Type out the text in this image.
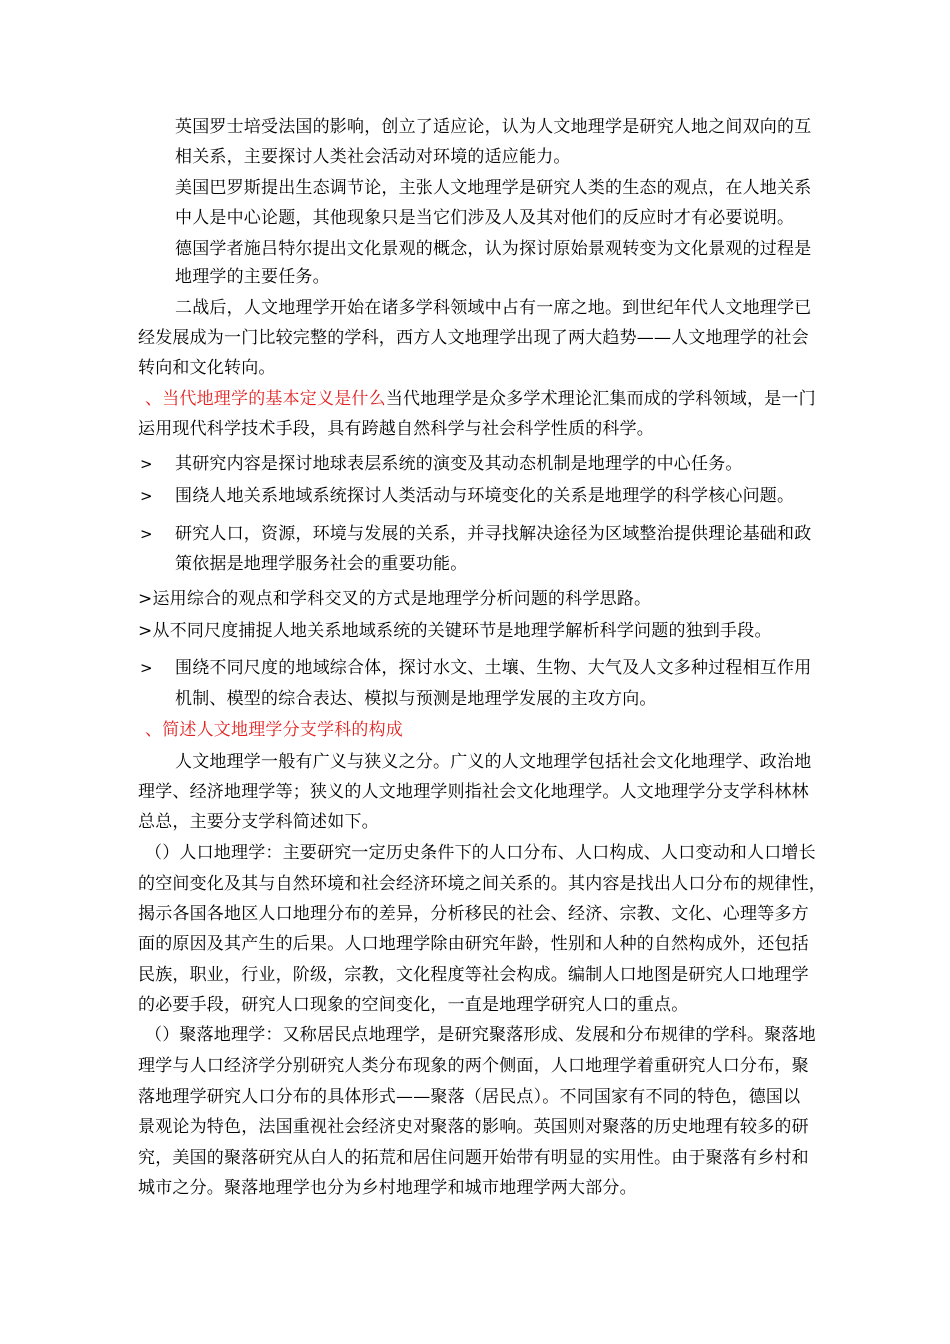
英国罗士培受法国的影响，创立了适应论，认为人文地理学是研究人地之间双向的互
相关系，主要探讨人类社会活动对环境的适应能力。
美国巴罗斯提出生态调节论，主张人文地理学是研究人类的生态的观点，在人地关系
中人是中心论题，其他现象只是当它们涉及人及其对他们的反应时才有必要说明。
德国学者施吕特尔提出文化景观的概念，认为探讨原始景观转变为文化景观的过程是
地理学的主要任务。
二战后，人文地理学开始在诸多学科领域中占有一席之地。到世纪年代人文地理学已
经发展成为一门比较完整的学科，西方人文地理学出现了两大趋势——人文地理学的社会
转向和文化转向。
、当代地理学的基本定义是什么当代地理学是众多学术理论汇集而成的学科领域，是一门
运用现代科学技术手段，具有跨越自然科学与社会科学性质的科学。
> 其研究内容是探讨地球表层系统的演变及其动态机制是地理学的中心任务。
> 围绕人地关系地域系统探讨人类活动与环境变化的关系是地理学的科学核心问题。
> 研究人口，资源，环境与发展的关系，并寻找解决途径为区域整治提供理论基础和政
策依据是地理学服务社会的重要功能。
>运用综合的观点和学科交叉的方式是地理学分析问题的科学思路。
>从不同尺度捕捉人地关系地域系统的关键环节是地理学解析科学问题的独到手段。
> 围绕不同尺度的地域综合体，探讨水文、土壤、生物、大气及人文多种过程相互作用
机制、模型的综合表达、模拟与预测是地理学发展的主攻方向。
、简述人文地理学分支学科的构成
人文地理学一般有广义与狭义之分。广义的人文地理学包括社会文化地理学、政治地
理学、经济地理学等；狭义的人文地理学则指社会文化地理学。人文地理学分支学科林林
总总，主要分支学科简述如下。
（）人口地理学：主要研究一定历史条件下的人口分布、人口构成、人口变动和人口增长
的空间变化及其与自然环境和社会经济环境之间关系的。其内容是找出人口分布的规律性，
揭示各国各地区人口地理分布的差异，分析移民的社会、经济、宗教、文化、心理等多方
面的原因及其产生的后果。人口地理学除由研究年龄，性别和人种的自然构成外，还包括
民族，职业，行业，阶级，宗教，文化程度等社会构成。编制人口地图是研究人口地理学
的必要手段，研究人口现象的空间变化，一直是地理学研究人口的重点。
（）聚落地理学：又称居民点地理学，是研究聚落形成、发展和分布规律的学科。聚落地
理学与人口经济学分别研究人类分布现象的两个侧面，人口地理学着重研究人口分布，聚
落地理学研究人口分布的具体形式——聚落（居民点）。不同国家有不同的特色，德国以
景观论为特色，法国重视社会经济史对聚落的影响。英国则对聚落的历史地理有较多的研
究，美国的聚落研究从白人的拓荒和居住问题开始带有明显的实用性。由于聚落有乡村和
城市之分。聚落地理学也分为乡村地理学和城市地理学两大部分。
